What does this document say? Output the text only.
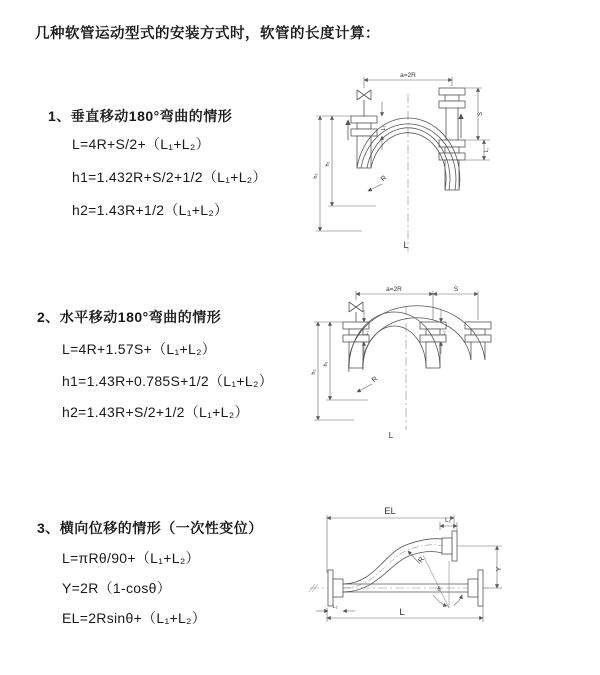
几种软管运动型式的安装方式时，软管的长度计算：
1、垂直移动180°弯曲的情形
L=4R+S/2+（L₁+L₂）
h1=1.432R+S/2+1/2（L₁+L₂）
h2=1.43R+1/2（L₁+L₂）
2、水平移动180°弯曲的情形
L=4R+1.57S+（L₁+L₂）
h1=1.43R+0.785S+1/2（L₁+L₂）
h2=1.43R+S/2+1/2（L₁+L₂）
3、横向位移的情形（一次性变位）
L=πRθ/90+（L₁+L₂）
Y=2R（1-cosθ）
EL=2Rsinθ+（L₁+L₂）
a=2R
L₁
h₂
h₁
S
L₁
R
L
a=2R	S
L₁	L₂
h₂
h₁
R
L
EL
L₂
Y
R
θ
L
L₁
